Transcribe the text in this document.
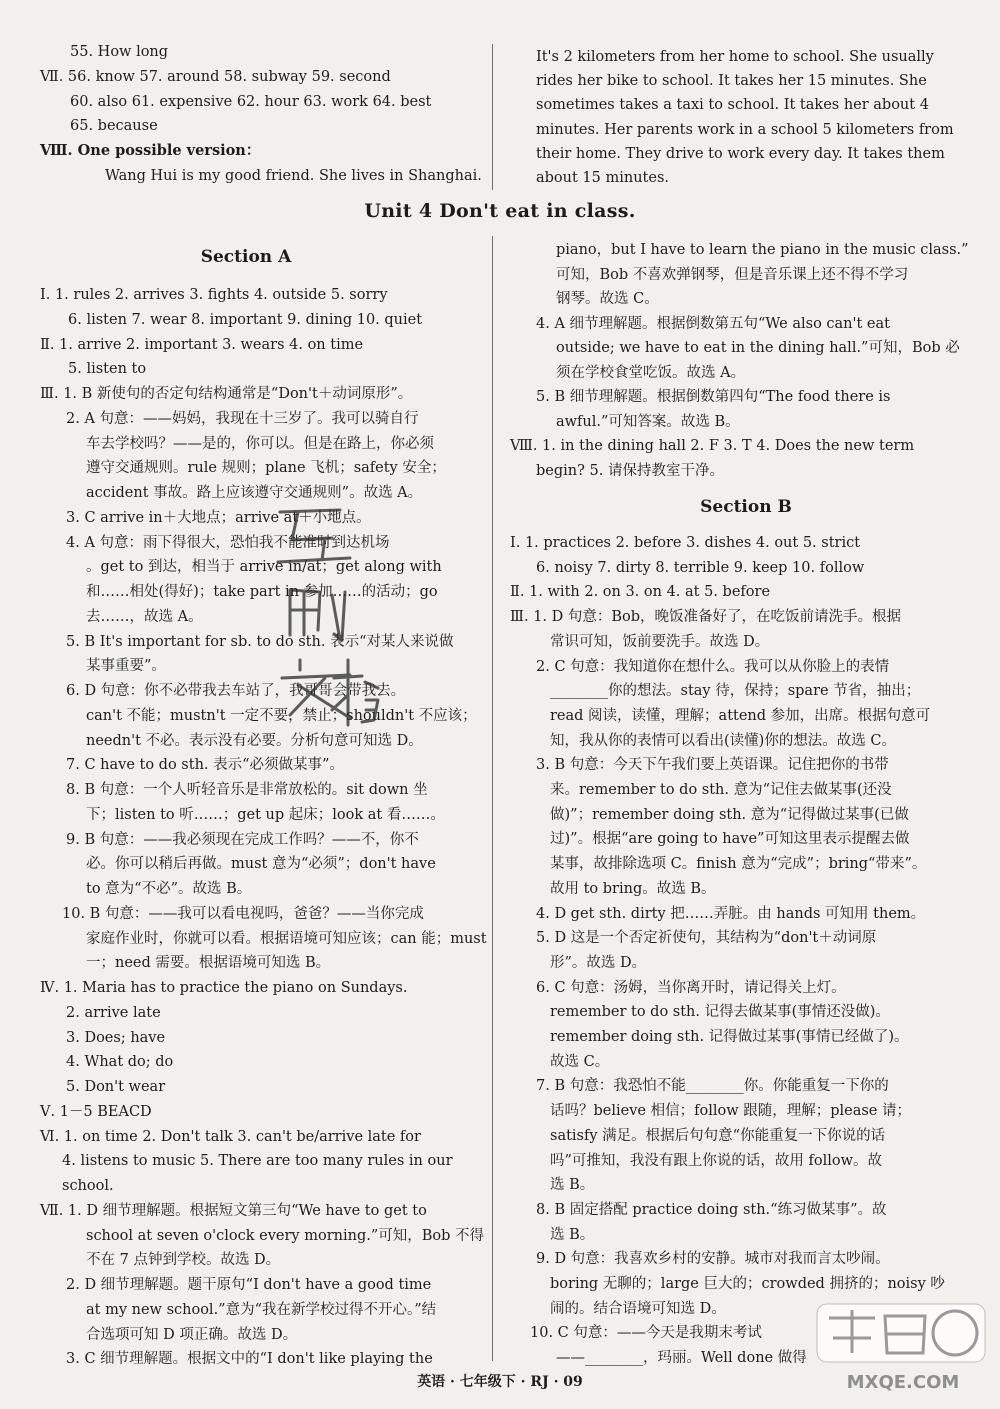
55. How long
Ⅶ. 56. know 57. around 58. subway 59. second
60. also 61. expensive 62. hour 63. work 64. best
65. because
Ⅷ. One possible version：
Wang Hui is my good friend. She lives in Shanghai.
It's 2 kilometers from her home to school. She usually
rides her bike to school. It takes her 15 minutes. She
sometimes takes a taxi to school. It takes her about 4
minutes. Her parents work in a school 5 kilometers from
their home. They drive to work every day. It takes them
about 15 minutes.
Unit 4 Don't eat in class.
Section A
Ⅰ. 1. rules 2. arrives 3. fights 4. outside 5. sorry
6. listen 7. wear 8. important 9. dining 10. quiet
Ⅱ. 1. arrive 2. important 3. wears 4. on time
5. listen to
Ⅲ. 1. B 新使句的否定句结构通常是“Don't＋动词原形”。
2. A 句意：——妈妈，我现在十三岁了。我可以骑自行
车去学校吗？——是的，你可以。但是在路上，你必须
遵守交通规则。rule 规则；plane 飞机；safety 安全；
accident 事故。路上应该遵守交通规则”。故选 A。
3. C arrive in＋大地点；arrive at＋小地点。
4. A 句意：雨下得很大，恐怕我不能准时到达机场
。get to 到达，相当于 arrive in/at；get along with
和……相处(得好)；take part in 参加……的活动；go
去……，故选 A。
5. B It's important for sb. to do sth. 表示“对某人来说做
某事重要”。
6. D 句意：你不必带我去车站了，我哥哥会带我去。
can't 不能；mustn't 一定不要，禁止；shouldn't 不应该；
needn't 不必。表示没有必要。分析句意可知选 D。
7. C have to do sth. 表示“必须做某事”。
8. B 句意：一个人听轻音乐是非常放松的。sit down 坐
下；listen to 听……；get up 起床；look at 看……。
9. B 句意：——我必须现在完成工作吗？——不，你不
必。你可以稍后再做。must 意为“必须”；don't have
to 意为“不必”。故选 B。
10. B 句意：——我可以看电视吗，爸爸？——当你完成
家庭作业时，你就可以看。根据语境可知应该；can 能；must
一；need 需要。根据语境可知选 B。
Ⅳ. 1. Maria has to practice the piano on Sundays.
2. arrive late
3. Does; have
4. What do; do
5. Don't wear
Ⅴ. 1－5 BEACD
Ⅵ. 1. on time 2. Don't talk 3. can't be/arrive late for
4. listens to music 5. There are too many rules in our
school.
Ⅶ. 1. D 细节理解题。根据短文第三句“We have to get to
school at seven o'clock every morning.”可知，Bob 不得
不在 7 点钟到学校。故选 D。
2. D 细节理解题。题干原句“I don't have a good time
at my new school.”意为“我在新学校过得不开心。”结
合选项可知 D 项正确。故选 D。
3. C 细节理解题。根据文中的“I don't like playing the
piano，but I have to learn the piano in the music class.”
可知，Bob 不喜欢弹钢琴，但是音乐课上还不得不学习
钢琴。故选 C。
4. A 细节理解题。根据倒数第五句“We also can't eat
outside; we have to eat in the dining hall.”可知，Bob 必
须在学校食堂吃饭。故选 A。
5. B 细节理解题。根据倒数第四句“The food there is
awful.”可知答案。故选 B。
Ⅷ. 1. in the dining hall 2. F 3. T 4. Does the new term
begin? 5. 请保持教室干净。
Section B
Ⅰ. 1. practices 2. before 3. dishes 4. out 5. strict
6. noisy 7. dirty 8. terrible 9. keep 10. follow
Ⅱ. 1. with 2. on 3. on 4. at 5. before
Ⅲ. 1. D 句意：Bob，晚饭准备好了，在吃饭前请洗手。根据
常识可知，饭前要洗手。故选 D。
2. C 句意：我知道你在想什么。我可以从你脸上的表情
________你的想法。stay 待，保持；spare 节省，抽出；
read 阅读，读懂，理解；attend 参加，出席。根据句意可
知，我从你的表情可以看出(读懂)你的想法。故选 C。
3. B 句意：今天下午我们要上英语课。记住把你的书带
来。remember to do sth. 意为“记住去做某事(还没
做)”；remember doing sth. 意为“记得做过某事(已做
过)”。根据“are going to have”可知这里表示提醒去做
某事，故排除选项 C。finish 意为“完成”；bring“带来”。
故用 to bring。故选 B。
4. D get sth. dirty 把……弄脏。由 hands 可知用 them。
5. D 这是一个否定祈使句，其结构为“don't＋动词原
形”。故选 D。
6. C 句意：汤姆，当你离开时，请记得关上灯。
remember to do sth. 记得去做某事(事情还没做)。
remember doing sth. 记得做过某事(事情已经做了)。
故选 C。
7. B 句意：我恐怕不能________你。你能重复一下你的
话吗？believe 相信；follow 跟随，理解；please 请；
satisfy 满足。根据后句句意“你能重复一下你说的话
吗”可推知，我没有跟上你说的话，故用 follow。故
选 B。
8. B 固定搭配 practice doing sth.“练习做某事”。故
选 B。
9. D 句意：我喜欢乡村的安静。城市对我而言太吵闹。
boring 无聊的；large 巨大的；crowded 拥挤的；noisy 吵
闹的。结合语境可知选 D。
10. C 句意：——今天是我期末考试
——________，玛丽。Well done 做得
MXQE.COM
英语 · 七年级下 · RJ · 09
